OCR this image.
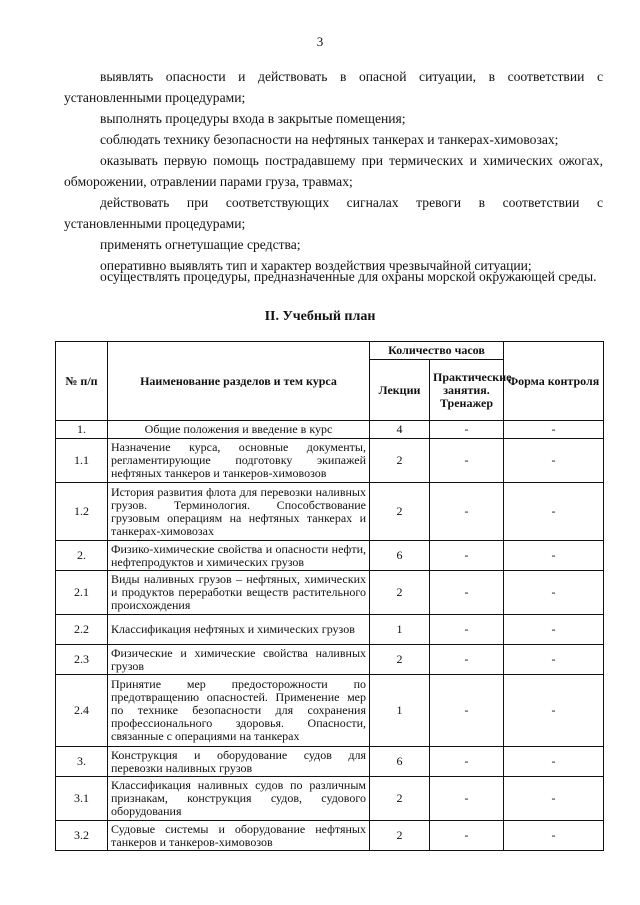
3
выявлять опасности и действовать в опасной ситуации, в соответствии с установленными процедурами;
выполнять процедуры входа в закрытые помещения;
соблюдать технику безопасности на нефтяных танкерах и танкерах-химовозах;
оказывать первую помощь пострадавшему при термических и химических ожогах, обморожении, отравлении парами груза, травмах;
действовать при соответствующих сигналах тревоги в соответствии с установленными процедурами;
применять огнетушащие средства;
оперативно выявлять тип и характер воздействия чрезвычайной ситуации;
осуществлять процедуры, предназначенные для охраны морской окружающей среды.
II. Учебный план
№ п/п	Наименование разделов и тем курса	Количество часов		Форма контроля
		Лекции	Практические занятия. Тренажер	
1.	Общие положения и введение в курс	4	-	-
1.1	Назначение курса, основные документы, регламентирующие подготовку экипажей нефтяных танкеров и танкеров-химовозов	2	-	-
1.2	История развития флота для перевозки наливных грузов. Терминология. Способствование грузовым операциям на нефтяных танкерах и танкерах-химовозах	2	-	-
2.	Физико-химические свойства и опасности нефти, нефтепродуктов и химических грузов	6	-	-
2.1	Виды наливных грузов – нефтяных, химических и продуктов переработки веществ растительного происхождения	2	-	-
2.2	Классификация нефтяных и химических грузов	1	-	-
2.3	Физические и химические свойства наливных грузов	2	-	-
2.4	Принятие мер предосторожности по предотвращению опасностей. Применение мер по технике безопасности для сохранения профессионального здоровья. Опасности, связанные с операциями на танкерах	1	-	-
3.	Конструкция и оборудование судов для перевозки наливных грузов	6	-	-
3.1	Классификация наливных судов по различным признакам, конструкция судов, судового оборудования	2	-	-
3.2	Судовые системы и оборудование нефтяных танкеров и танкеров-химовозов	2	-	-
